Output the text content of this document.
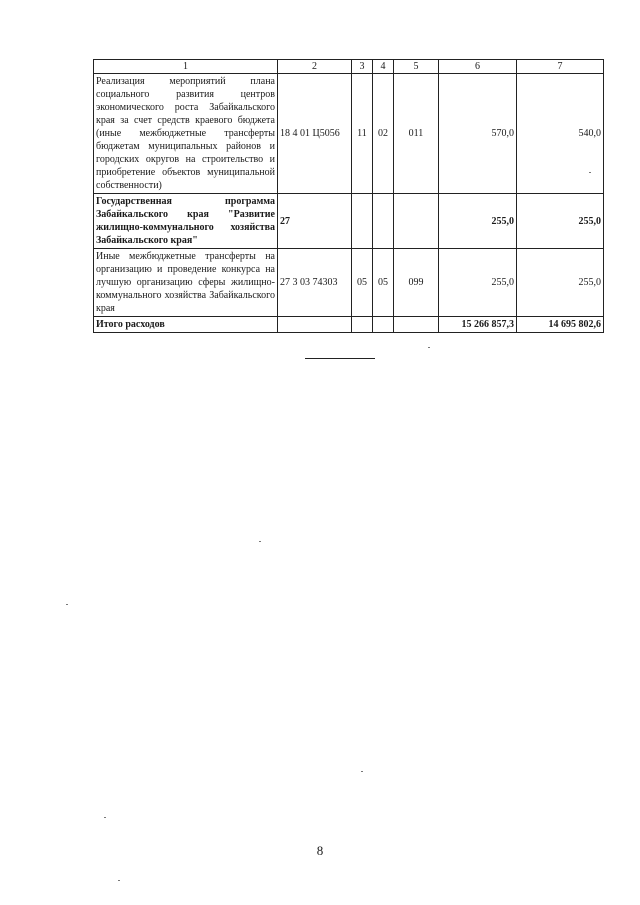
1	2	3	4	5	6	7
Реализация мероприятий плана социального развития центров экономического роста Забайкальского края за счет средств краевого бюджета (иные межбюджетные трансферты бюджетам муниципальных районов и городских округов на строительство и приобретение объектов муниципальной собственности)	18 4 01 Ц5056	11	02	011	570,0	540,0
Государственная программа Забайкальского края "Развитие жилищно-коммунального хозяйства Забайкальского края"	27				255,0	255,0
Иные межбюджетные трансферты на организацию и проведение конкурса на лучшую организацию сферы жилищно-коммунального хозяйства Забайкальского края	27 3 03 74303	05	05	099	255,0	255,0
Итого расходов					15 266 857,3	14 695 802,6
8
